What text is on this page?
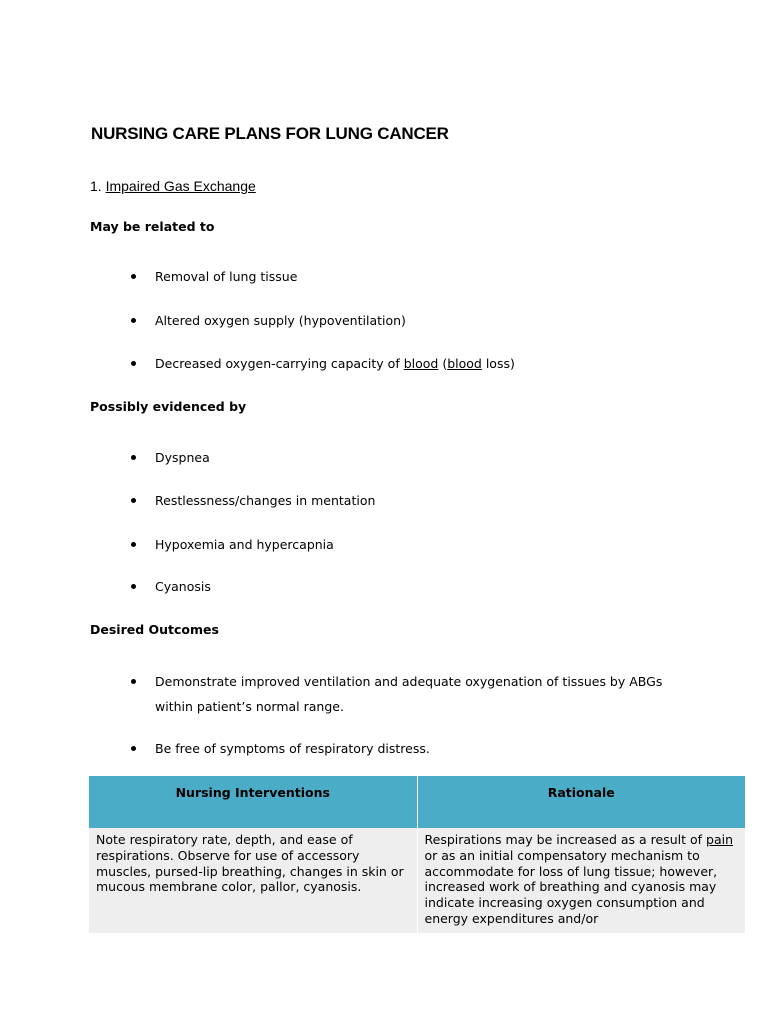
NURSING CARE PLANS FOR LUNG CANCER
1. Impaired Gas Exchange

May be related to

Removal of lung tissue
Altered oxygen supply (hypoventilation)
Decreased oxygen-carrying capacity of blood (blood loss)

Possibly evidenced by

Dyspnea
Restlessness/changes in mentation
Hypoxemia and hypercapnia
Cyanosis

Desired Outcomes

Demonstrate improved ventilation and adequate oxygenation of tissues by ABGs
within patient’s normal range.
Be free of symptoms of respiratory distress.
Nursing Interventions	Rationale
Note respiratory rate, depth, and ease of respirations. Observe for use of accessory muscles, pursed-lip breathing, changes in skin or mucous membrane color, pallor, cyanosis.	Respirations may be increased as a result of pain or as an initial compensatory mechanism to accommodate for loss of lung tissue; however, increased work of breathing and cyanosis may indicate increasing oxygen consumption and energy expenditures and/or
